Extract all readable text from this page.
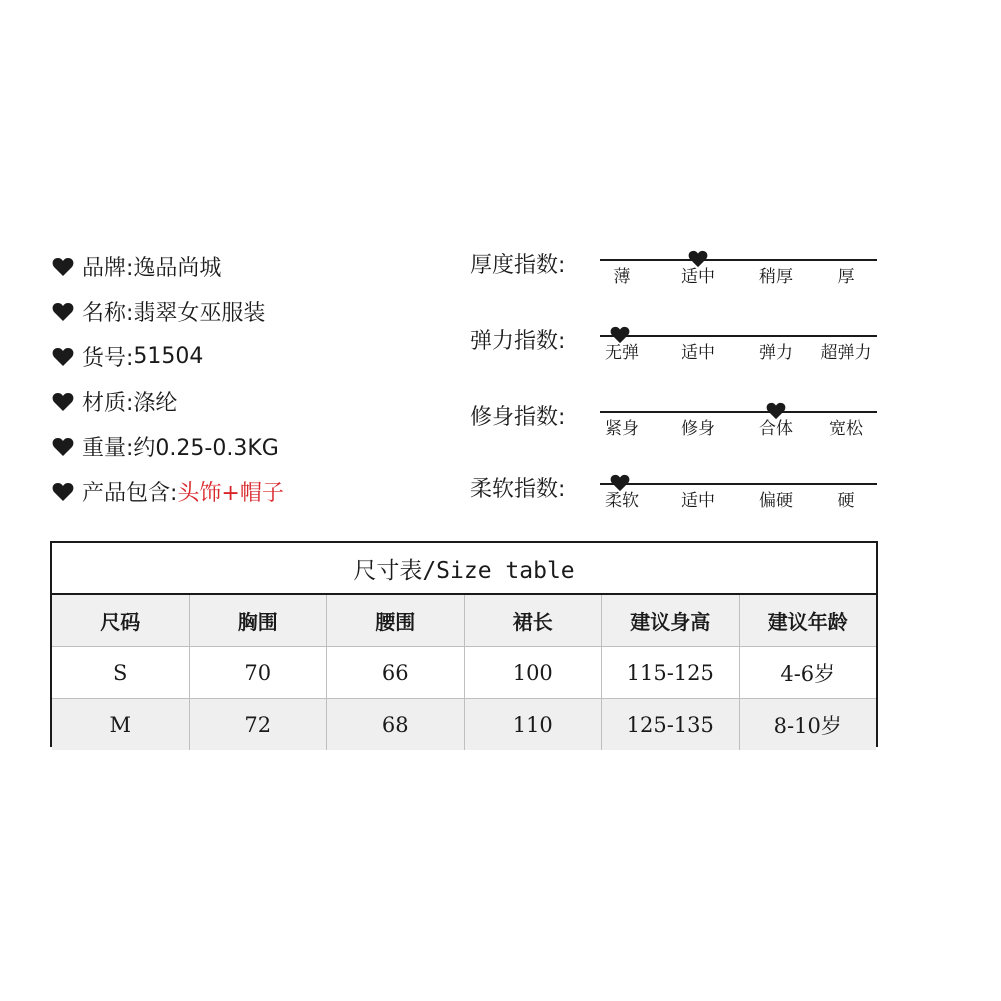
品牌: 逸品尚城
名称: 翡翠女巫服装
货号: 51504
材质: 涤纶
重量: 约0.25-0.3KG
产品包含: 头饰+帽子
厚度指数:	薄	适中	稍厚	厚
弹力指数: 无弹 适中	弹力 超弹力
修身指数: 紧身 修身	合体 宽松
柔软指数: 柔软 适中	偏硬	硬
尺寸表/Size table
尺码	胸围	腰围	裙长	建议身高	建议年龄
S	70	66	100	115-125	4-6岁
M	72	68	110	125-135	8-10岁
